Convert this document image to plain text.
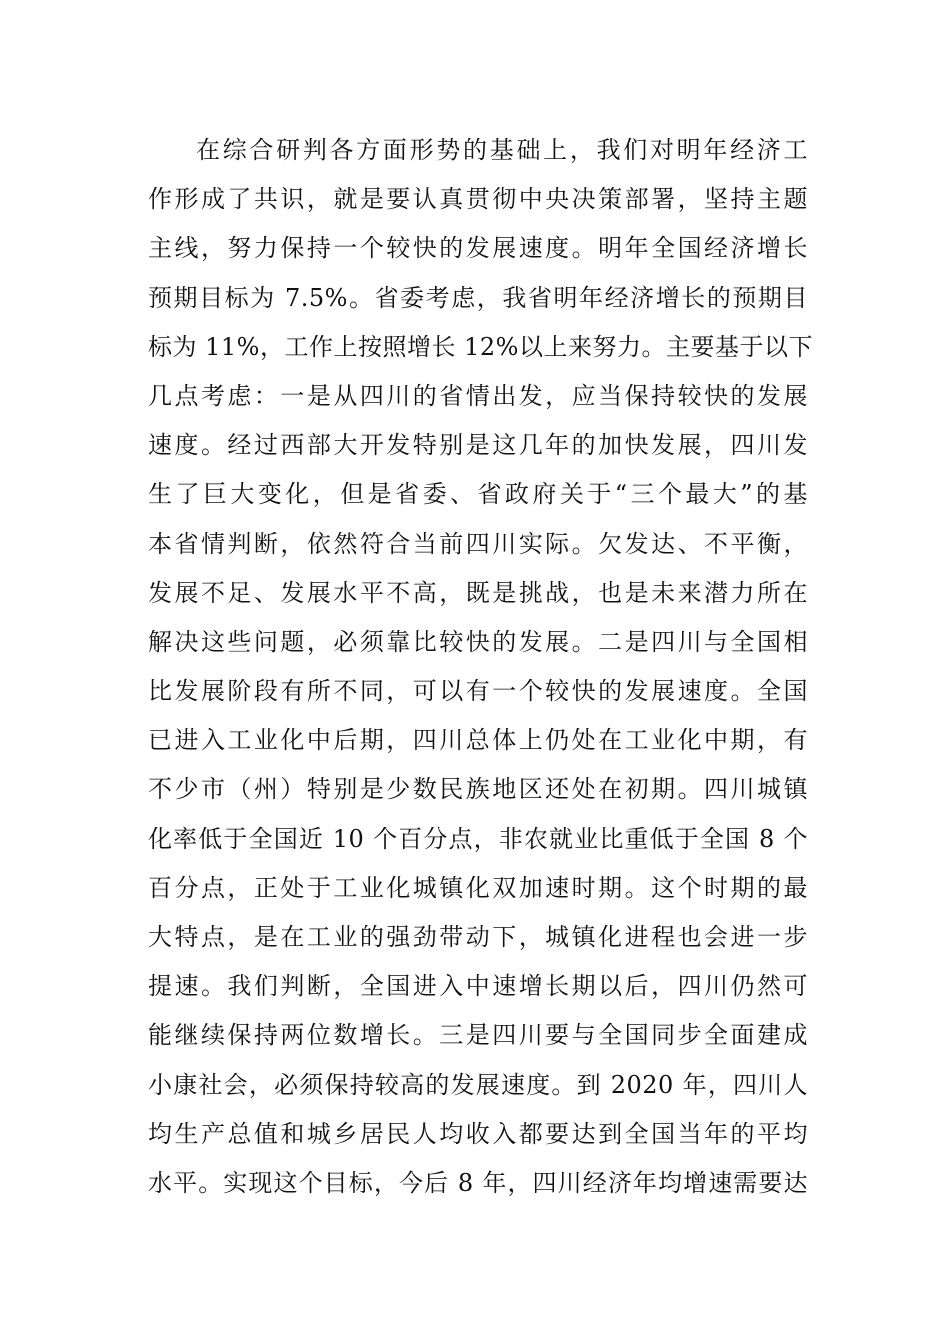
在综合研判各方面形势的基础上，我们对明年经济工
作形成了共识，就是要认真贯彻中央决策部署，坚持主题
主线，努力保持一个较快的发展速度。明年全国经济增长
预期目标为 7.5%。省委考虑，我省明年经济增长的预期目
标为 11%，工作上按照增长 12%以上来努力。主要基于以下
几点考虑：一是从四川的省情出发，应当保持较快的发展
速度。经过西部大开发特别是这几年的加快发展，四川发
生了巨大变化，但是省委、省政府关于“三个最大”的基
本省情判断，依然符合当前四川实际。欠发达、不平衡，
发展不足、发展水平不高，既是挑战，也是未来潜力所在
解决这些问题，必须靠比较快的发展。二是四川与全国相
比发展阶段有所不同，可以有一个较快的发展速度。全国
已进入工业化中后期，四川总体上仍处在工业化中期，有
不少市（州）特别是少数民族地区还处在初期。四川城镇
化率低于全国近 10 个百分点，非农就业比重低于全国 8 个
百分点，正处于工业化城镇化双加速时期。这个时期的最
大特点，是在工业的强劲带动下，城镇化进程也会进一步
提速。我们判断，全国进入中速增长期以后，四川仍然可
能继续保持两位数增长。三是四川要与全国同步全面建成
小康社会，必须保持较高的发展速度。到 2020 年，四川人
均生产总值和城乡居民人均收入都要达到全国当年的平均
水平。实现这个目标，今后 8 年，四川经济年均增速需要达
